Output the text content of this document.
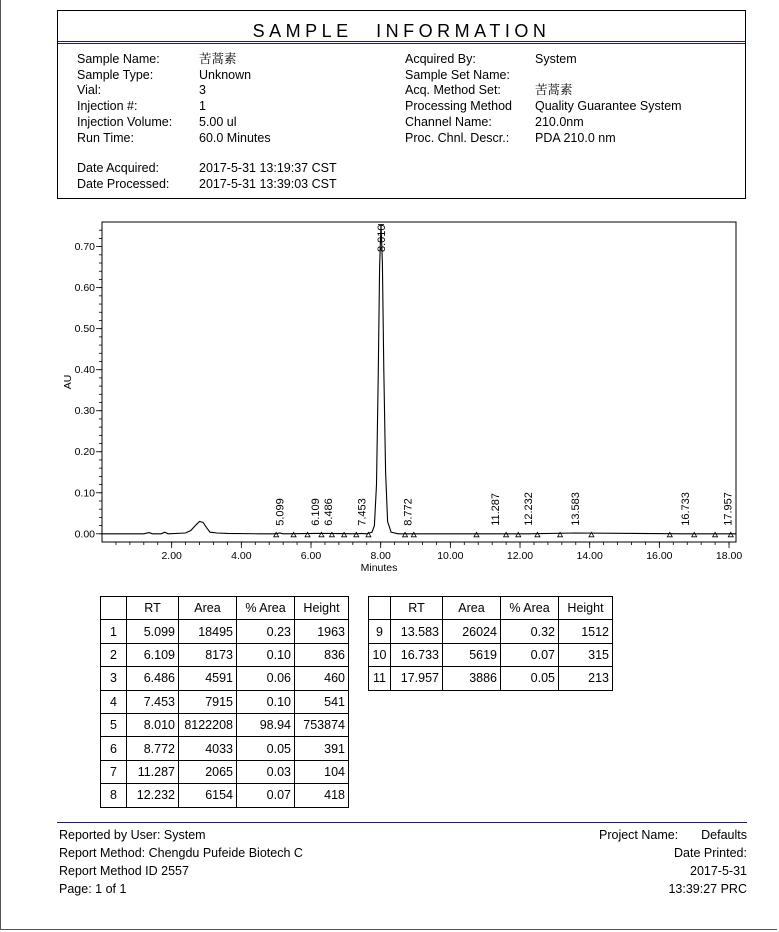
SAMPLE INFORMATION
Sample Name:	苦蒿素
Sample Type:	Unknown
Vial:	3
Injection #:	1
Injection Volume: 5.00 ul
Run Time:	60.0 Minutes
Date Acquired:	2017-5-31 13:19:37 CST
Date Processed: 2017-5-31 13:39:03 CST
Acquired By:	System
Sample Set Name:
Acq. Method Set:	苦蒿素
Processing Method Quality Guarantee System
Channel Name:	210.0nm
Proc. Chnl. Descr.: PDA 210.0 nm
2.00	4.00	6.00	8.00	10.00	12.00	14.00	16.00	18.00
0.00
0.10
0.20
0.30
0.40
0.50
0.60
0.70
Minutes
AU
5.099 6.109 6.486 7.453
8.010
8.772	11.287 12.232	13.583	16.733	17.957
	RT	Area	% Area	Height
1	5.099	18495	0.23	1963
2	6.109	8173	0.10	836
3	6.486	4591	0.06	460
4	7.453	7915	0.10	541
5	8.010	8122208	98.94	753874
6	8.772	4033	0.05	391
7	11.287	2065	0.03	104
8	12.232	6154	0.07	418
	RT	Area	% Area	Height
9	13.583	26024	0.32	1512
10	16.733	5619	0.07	315
11	17.957	3886	0.05	213
Reported by User: System
Report Method: Chengdu Pufeide Biotech C
Report Method ID 2557
Page: 1 of 1
Project Name: Defaults
Date Printed:
2017-5-31
13:39:27 PRC
